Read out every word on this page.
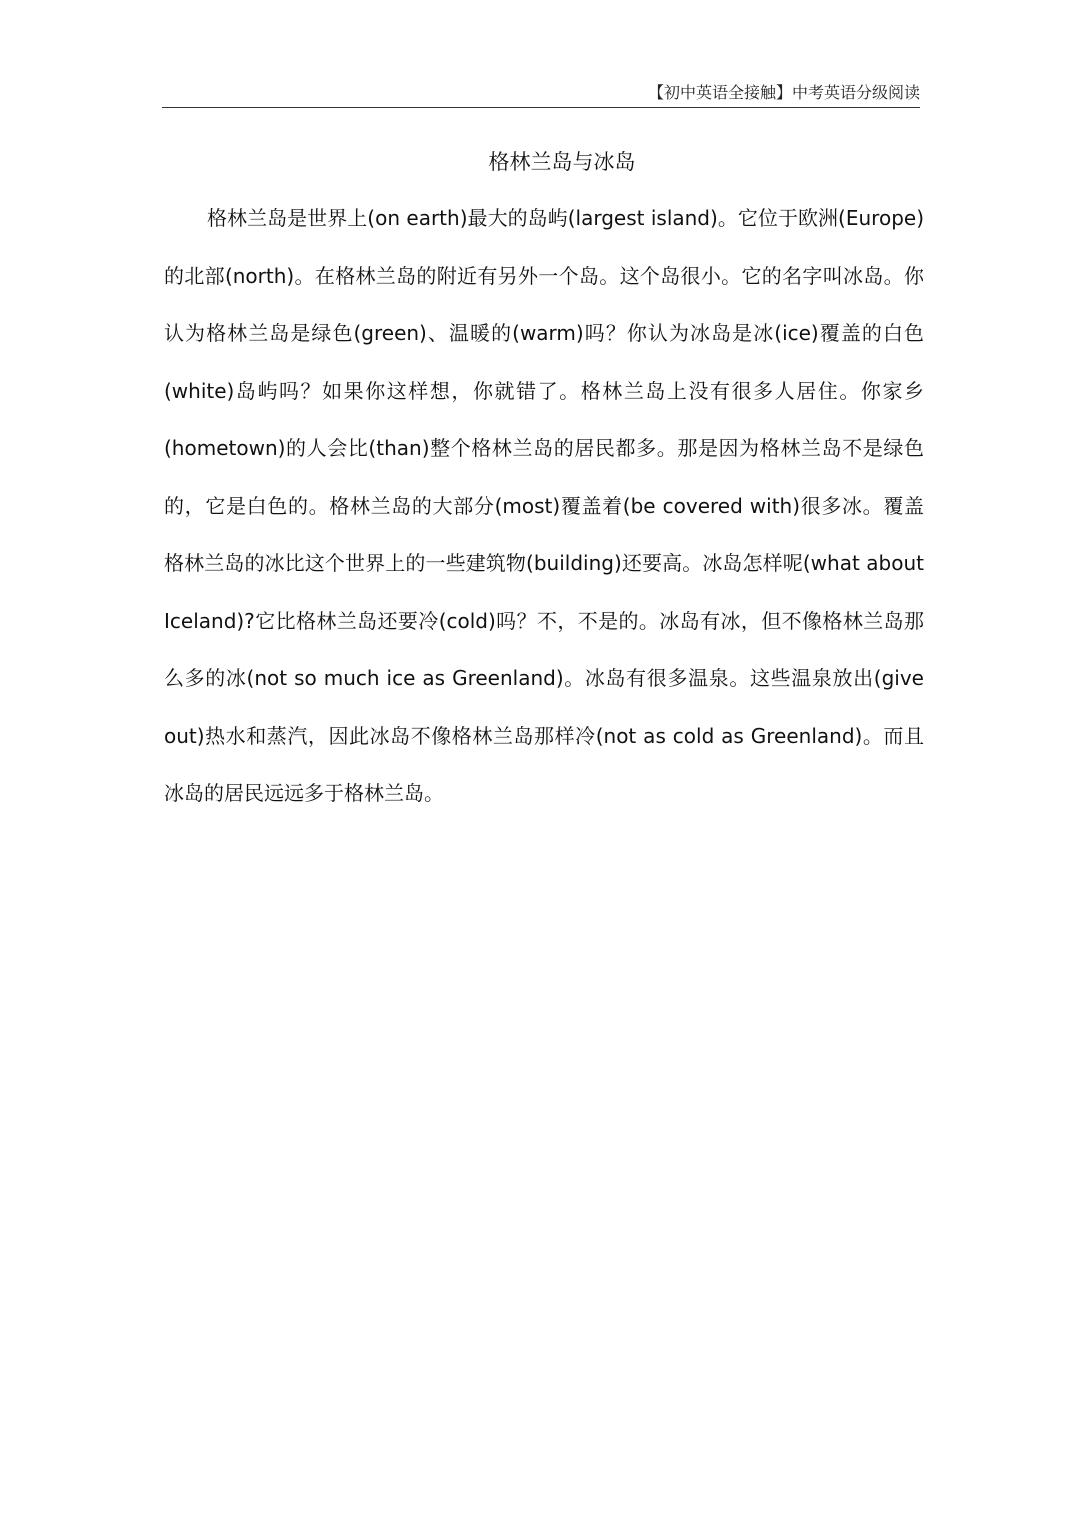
【初中英语全接触】中考英语分级阅读
格林兰岛与冰岛

格林兰岛是世界上(on earth)最大的岛屿(largest island)。它位于欧洲(Europe)的北部(north)。在格林兰岛的附近有另外一个岛。这个岛很小。它的名字叫冰岛。你认为格林兰岛是绿色(green)、温暖的(warm)吗？你认为冰岛是冰(ice)覆盖的白色(white)岛屿吗？如果你这样想，你就错了。格林兰岛上没有很多人居住。你家乡(hometown)的人会比(than)整个格林兰岛的居民都多。那是因为格林兰岛不是绿色的，它是白色的。格林兰岛的大部分(most)覆盖着(be covered with)很多冰。覆盖格林兰岛的冰比这个世界上的一些建筑物(building)还要高。冰岛怎样呢(what about Iceland)?它比格林兰岛还要冷(cold)吗？不，不是的。冰岛有冰，但不像格林兰岛那么多的冰(not so much ice as Greenland)。冰岛有很多温泉。这些温泉放出(give out)热水和蒸汽，因此冰岛不像格林兰岛那样冷(not as cold as Greenland)。而且冰岛的居民远远多于格林兰岛。
